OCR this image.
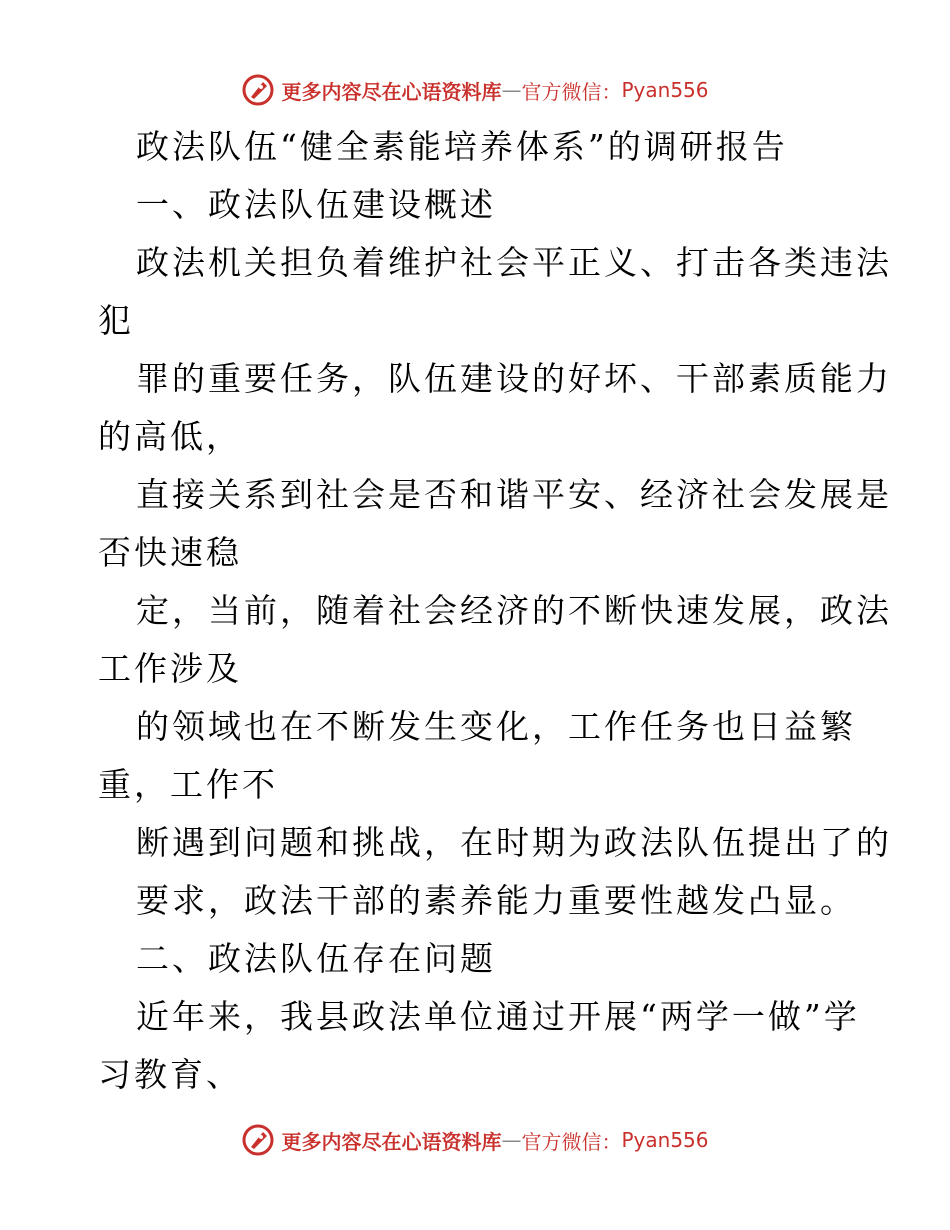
更多内容尽在心语资料库 — 官方微信： Pyan556
政法队伍“健全素能培养体系”的调研报告
一、政法队伍建设概述
政法机关担负着维护社会平正义、打击各类违法
犯
罪的重要任务，队伍建设的好坏、干部素质能力
的高低，
直接关系到社会是否和谐平安、经济社会发展是
否快速稳
定，当前，随着社会经济的不断快速发展，政法
工作涉及
的领域也在不断发生变化，工作任务也日益繁
重，工作不
断遇到问题和挑战，在时期为政法队伍提出了的
要求，政法干部的素养能力重要性越发凸显。
二、政法队伍存在问题
近年来，我县政法单位通过开展“两学一做”学
习教育、
更多内容尽在心语资料库 — 官方微信： Pyan556
